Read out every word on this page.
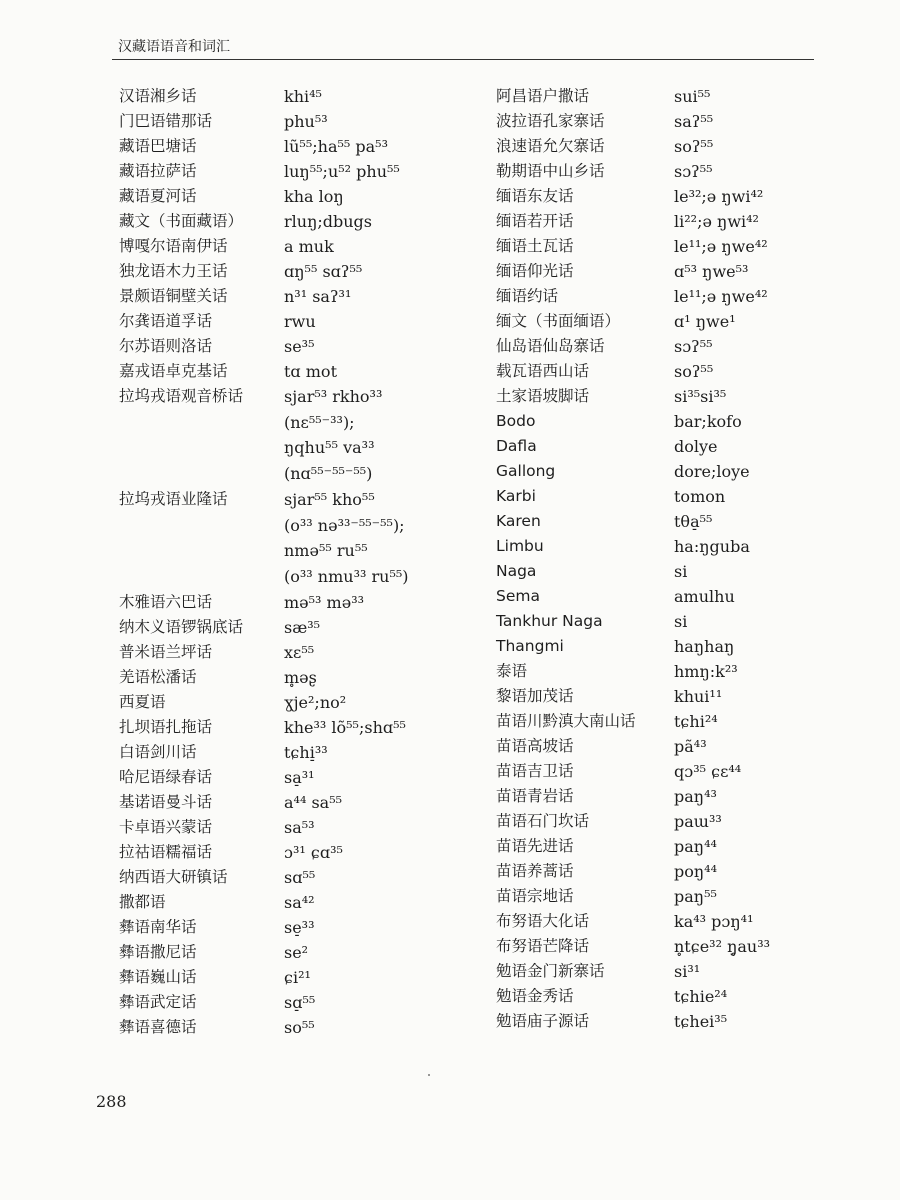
汉藏语语音和词汇
汉语湘乡话	khi⁴⁵
门巴语错那话	phu⁵³
藏语巴塘话	lũ⁵⁵;ha⁵⁵ pa⁵³
藏语拉萨话	luŋ⁵⁵;u⁵² phu⁵⁵
藏语夏河话	kha loŋ
藏文（书面藏语）	rluŋ;dbugs
博嘎尔语南伊话	a muk
独龙语木力王话	ɑŋ⁵⁵ sɑʔ⁵⁵
景颇语铜壁关话	n³¹ saʔ³¹
尔龚语道孚话	rwu
尔苏语则洛话	se³⁵
嘉戎语卓克基话	tɑ mot
拉坞戎语观音桥话	sjar⁵³ rkho³³
(nɛ⁵⁵⁻³³);
ŋqhu⁵⁵ va³³
(nɑ⁵⁵⁻⁵⁵⁻⁵⁵)
拉坞戎语业隆话	sjar⁵⁵ kho⁵⁵
(o³³ nə³³⁻⁵⁵⁻⁵⁵);
nmə⁵⁵ ru⁵⁵
(o³³ nmu³³ ru⁵⁵)
木雅语六巴话	mə⁵³ mə³³
纳木义语锣锅底话	sæ³⁵
普米语兰坪话	xɛ⁵⁵
羌语松潘话	m̥əʂ
西夏语	ɣje²;no²
扎坝语扎拖话	khe³³ lõ⁵⁵;shɑ⁵⁵
白语剑川话	tɕhi̠³³
哈尼语绿春话	sa̠³¹
基诺语曼斗话	a⁴⁴ sa⁵⁵
卡卓语兴蒙话	sa⁵³
拉祜语糯福话	ɔ³¹ ɕɑ³⁵
纳西语大研镇话	sɑ⁵⁵
撒都语	sa⁴²
彝语南华话	se̠³³
彝语撒尼话	se²
彝语巍山话	ɕi²¹
彝语武定话	sɑ̠⁵⁵
彝语喜德话	so⁵⁵
阿昌语户撒话	sui⁵⁵
波拉语孔家寨话	saʔ⁵⁵
浪速语允欠寨话	soʔ⁵⁵
勒期语中山乡话	sɔʔ⁵⁵
缅语东友话	le³²;ə ŋwi⁴²
缅语若开话	li²²;ə ŋwi⁴²
缅语土瓦话	le¹¹;ə ŋwe⁴²
缅语仰光话	ɑ⁵³ ŋwe⁵³
缅语约话	le¹¹;ə ŋwe⁴²
缅文（书面缅语）	ɑ¹ ŋwe¹
仙岛语仙岛寨话	sɔʔ⁵⁵
载瓦语西山话	soʔ⁵⁵
土家语坡脚话	si³⁵si³⁵
Bodo	bar;kofo
Dafla	dolye
Gallong	dore;loye
Karbi	tomon
Karen	tθa̠⁵⁵
Limbu	ha:ŋguba
Naga	si
Sema	amulhu
Tankhur Naga	si
Thangmi	haŋhaŋ
泰语	hmŋ:k²³
黎语加茂话	khui¹¹
苗语川黔滇大南山话	tɕhi²⁴
苗语高坡话	pã⁴³
苗语吉卫话	qɔ³⁵ ɕɛ⁴⁴
苗语青岩话	paŋ⁴³
苗语石门坎话	paɯ³³
苗语先进话	paŋ⁴⁴
苗语养蒿话	poŋ⁴⁴
苗语宗地话	paŋ⁵⁵
布努语大化话	ka⁴³ pɔŋ⁴¹
布努语芒降话	n̥tɕe³² ŋ̥au³³
勉语金门新寨话	si³¹
勉语金秀话	tɕhie²⁴
勉语庙子源话	tɕhei³⁵
288
